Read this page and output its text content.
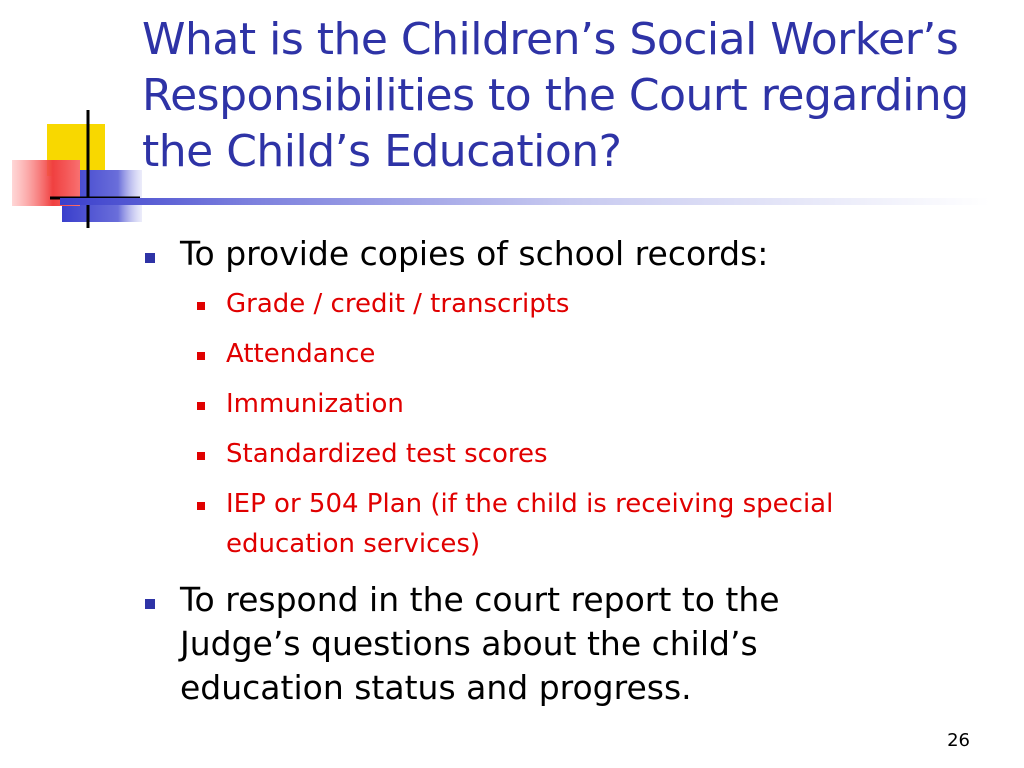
What is the Children’s Social Worker’s Responsibilities to the Court regarding the Child’s Education?
To provide copies of school records:
Grade / credit / transcripts
Attendance
Immunization
Standardized test scores
IEP or 504 Plan (if the child is receiving special education services)
To respond in the court report to the Judge’s questions about the child’s education status and progress.
26
